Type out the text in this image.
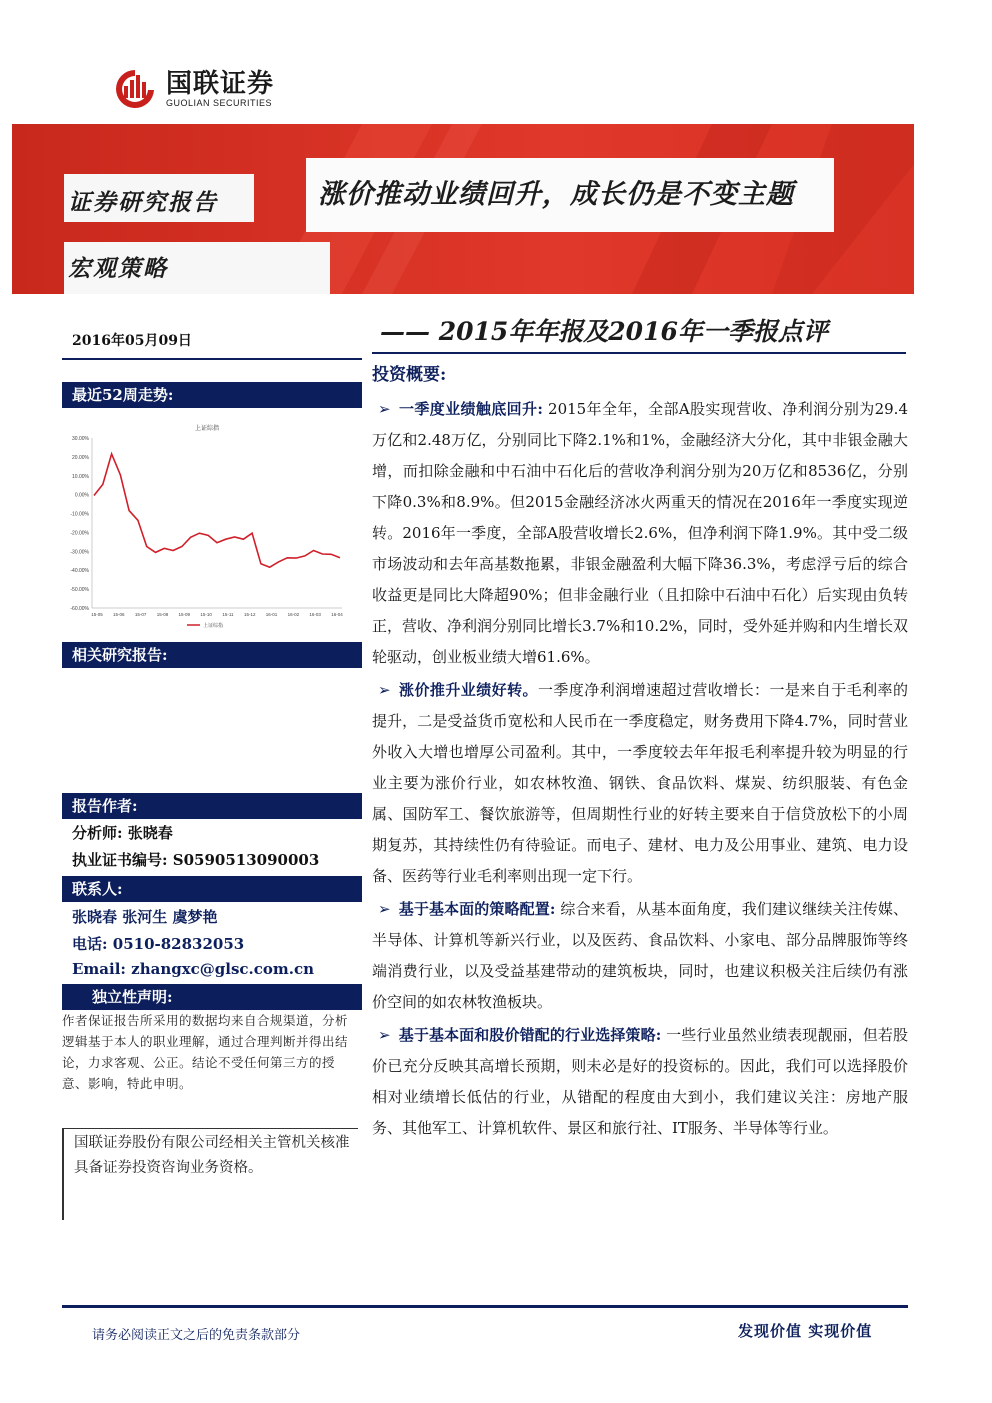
国联证券
GUOLIAN SECURITIES
证券研究报告
宏观策略
涨价推动业绩回升，成长仍是不变主题
2016年05月09日	—— 2015年年报及2016年一季报点评
最近52周走势:
上证综指
30.00%
20.00%
10.00%
0.00%
-10.00%
-20.00%
-30.00%
-40.00%
-50.00%
-60.00%
15-05 15-06 15-07 15-08 15-09 15-10 15-11 15-12 16-01 16-02 16-03 16-04
上证综指
相关研究报告:
报告作者:
分析师: 张晓春
执业证书编号: S0590513090003
联系人:
张晓春 张河生 虞梦艳
电话: 0510-82832053
Email: zhangxc@glsc.com.cn
独立性声明:
作者保证报告所采用的数据均来自合规渠道，分析逻辑基于本人的职业理解，通过合理判断并得出结论，力求客观、公正。结论不受任何第三方的授意、影响，特此申明。
国联证券股份有限公司经相关主管机关核准具备证券投资咨询业务资格。
投资概要:
➢ 一季度业绩触底回升: 2015年全年，全部A股实现营收、净利润分别为29.4万亿和2.48万亿，分别同比下降2.1%和1%，金融经济大分化，其中非银金融大增，而扣除金融和中石油中石化后的营收净利润分别为20万亿和8536亿，分别下降0.3%和8.9%。但2015金融经济冰火两重天的情况在2016年一季度实现逆转。2016年一季度，全部A股营收增长2.6%，但净利润下降1.9%。其中受二级市场波动和去年高基数拖累，非银金融盈利大幅下降36.3%，考虑浮亏后的综合收益更是同比大降超90%；但非金融行业（且扣除中石油中石化）后实现由负转正，营收、净利润分别同比增长3.7%和10.2%，同时，受外延并购和内生增长双轮驱动，创业板业绩大增61.6%。
➢ 涨价推升业绩好转。一季度净利润增速超过营收增长：一是来自于毛利率的提升，二是受益货币宽松和人民币在一季度稳定，财务费用下降4.7%，同时营业外收入大增也增厚公司盈利。其中，一季度较去年年报毛利率提升较为明显的行业主要为涨价行业，如农林牧渔、钢铁、食品饮料、煤炭、纺织服装、有色金属、国防军工、餐饮旅游等，但周期性行业的好转主要来自于信贷放松下的小周期复苏，其持续性仍有待验证。而电子、建材、电力及公用事业、建筑、电力设备、医药等行业毛利率则出现一定下行。
➢ 基于基本面的策略配置: 综合来看，从基本面角度，我们建议继续关注传媒、半导体、计算机等新兴行业，以及医药、食品饮料、小家电、部分品牌服饰等终端消费行业，以及受益基建带动的建筑板块，同时，也建议积极关注后续仍有涨价空间的如农林牧渔板块。
➢ 基于基本面和股价错配的行业选择策略: 一些行业虽然业绩表现靓丽，但若股价已充分反映其高增长预期，则未必是好的投资标的。因此，我们可以选择股价相对业绩增长低估的行业，从错配的程度由大到小，我们建议关注：房地产服务、其他军工、计算机软件、景区和旅行社、IT服务、半导体等行业。
请务必阅读正文之后的免责条款部分	发现价值 实现价值
